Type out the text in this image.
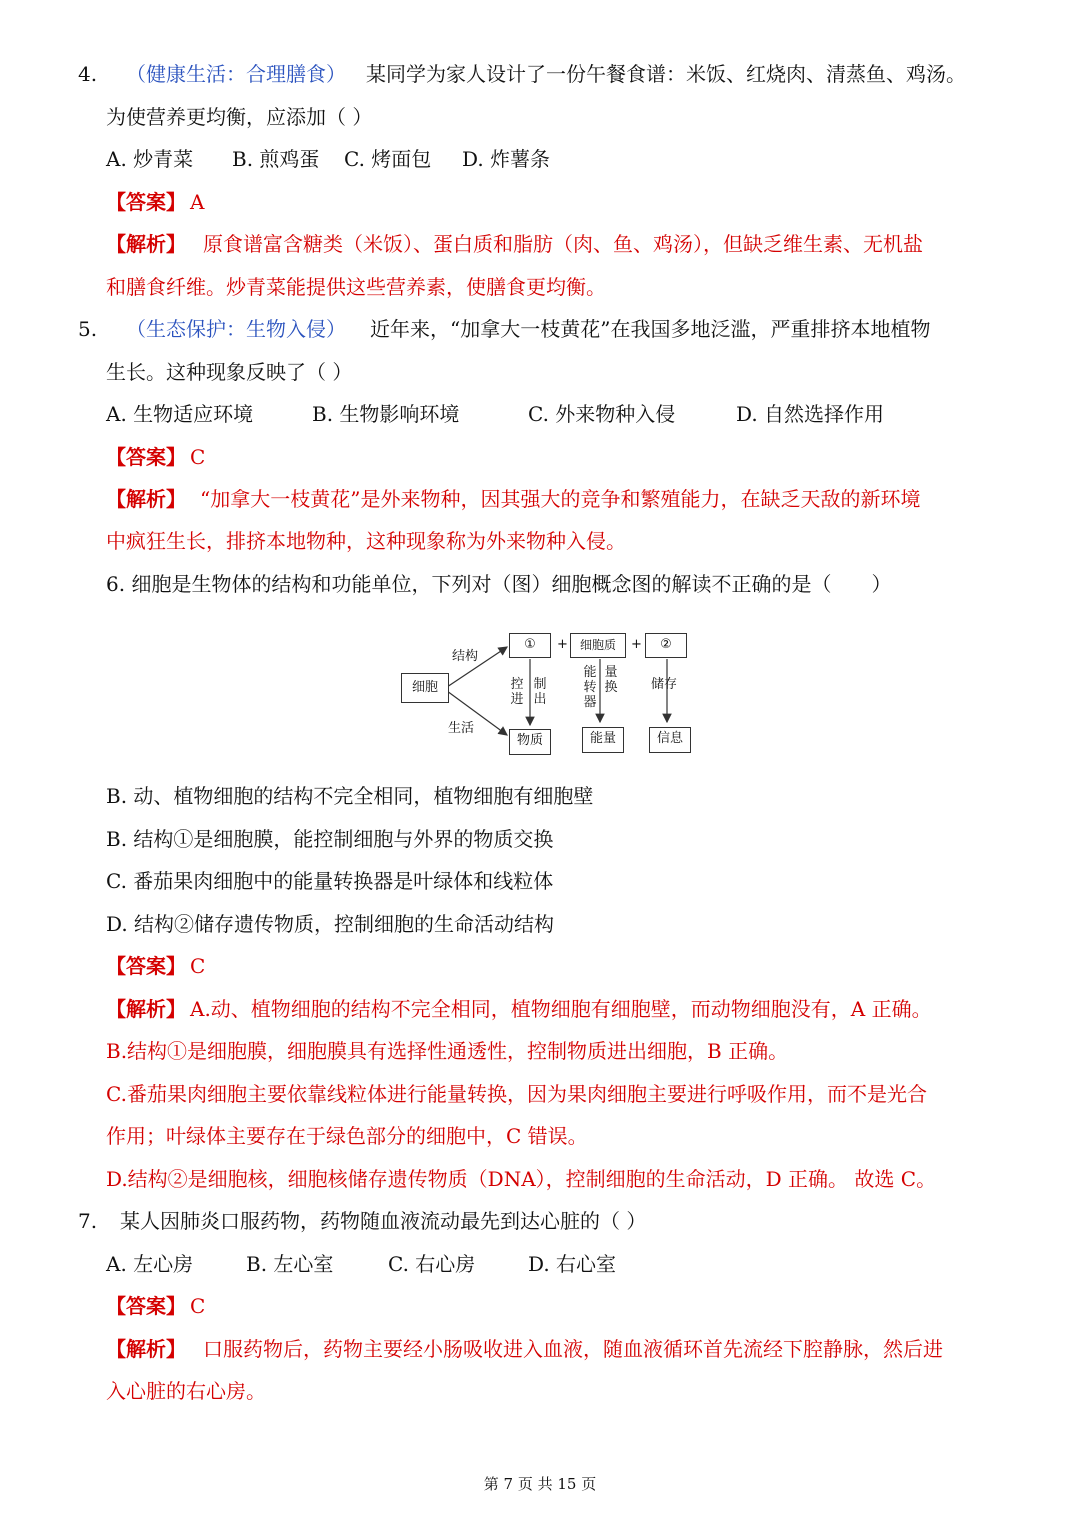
4. （健康生活：合理膳食） 某同学为家人设计了一份午餐食谱：米饭、红烧肉、清蒸鱼、鸡汤。
为使营养更均衡，应添加（ ）
A. 炒青菜 B. 煎鸡蛋 C. 烤面包 D. 炸薯条
【答案】 A
【解析】 原食谱富含糖类（米饭）、蛋白质和脂肪（肉、鱼、鸡汤），但缺乏维生素、无机盐
和膳食纤维。炒青菜能提供这些营养素，使膳食更均衡。
5. （生态保护：生物入侵） 近年来，“加拿大一枝黄花”在我国多地泛滥，严重排挤本地植物
生长。这种现象反映了（ ）
A. 生物适应环境	B. 生物影响环境	C. 外来物种入侵	D. 自然选择作用
【答案】 C
【解析】 “加拿大一枝黄花”是外来物种，因其强大的竞争和繁殖能力，在缺乏天敌的新环境
中疯狂生长，排挤本地物种，这种现象称为外来物种入侵。
6. 细胞是生物体的结构和功能单位，下列对（图）细胞概念图的解读不正确的是（　　）
细胞
结构
生活
①	+	细胞质	+	②
控进
制出
能转器
量换	储存
物质	能量	信息
B. 动、植物细胞的结构不完全相同，植物细胞有细胞壁
B. 结构①是细胞膜，能控制细胞与外界的物质交换
C. 番茄果肉细胞中的能量转换器是叶绿体和线粒体
D. 结构②储存遗传物质，控制细胞的生命活动结构
【答案】 C
【解析】 A.动、植物细胞的结构不完全相同，植物细胞有细胞壁，而动物细胞没有，A 正确。
B.结构①是细胞膜，细胞膜具有选择性通透性，控制物质进出细胞，B 正确。
C.番茄果肉细胞主要依靠线粒体进行能量转换，因为果肉细胞主要进行呼吸作用，而不是光合
作用；叶绿体主要存在于绿色部分的细胞中，C 错误。
D.结构②是细胞核，细胞核储存遗传物质（DNA），控制细胞的生命活动，D 正确。 故选 C。
7. 某人因肺炎口服药物，药物随血液流动最先到达心脏的（ ）
A. 左心房	B. 左心室	C. 右心房	D. 右心室
【答案】 C
【解析】 口服药物后，药物主要经小肠吸收进入血液，随血液循环首先流经下腔静脉，然后进
入心脏的右心房。
第 7 页 共 15 页
